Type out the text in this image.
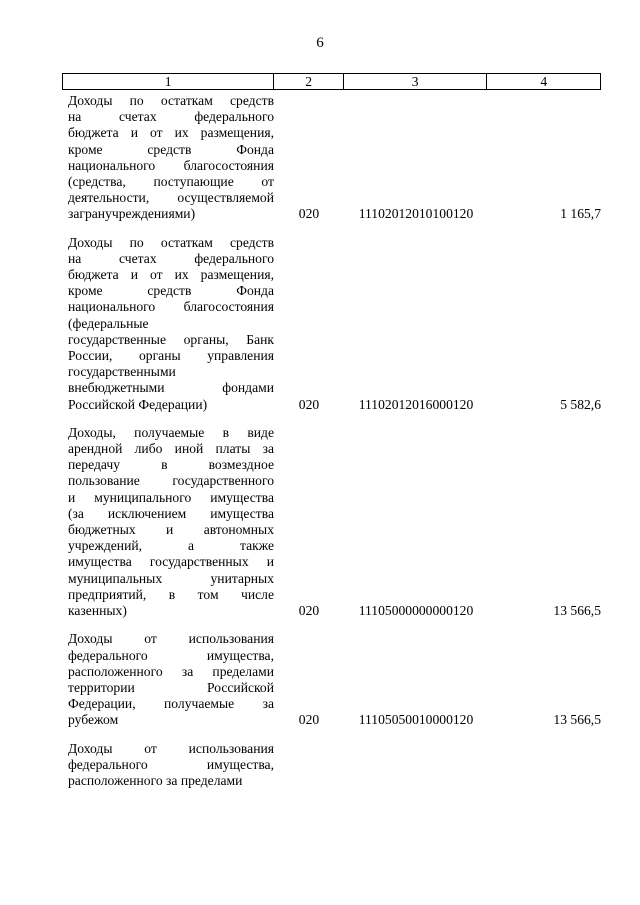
6
1	2	3	4
Доходы по остаткам средств
на счетах федерального
бюджета и от их размещения,
кроме средств Фонда
национального благосостояния
(средства, поступающие от
деятельности, осуществляемой
загранучреждениями)	020	11102012010100120	1 165,7
Доходы по остаткам средств
на счетах федерального
бюджета и от их размещения,
кроме средств Фонда
национального благосостояния
(федеральные
государственные органы, Банк
России, органы управления
государственными
внебюджетными фондами
Российской Федерации)	020	11102012016000120	5 582,6
Доходы, получаемые в виде
арендной либо иной платы за
передачу в возмездное
пользование государственного
и муниципального имущества
(за исключением имущества
бюджетных и автономных
учреждений, а также
имущества государственных и
муниципальных унитарных
предприятий, в том числе
казенных)	020	11105000000000120	13 566,5
Доходы от использования
федерального имущества,
расположенного за пределами
территории Российской
Федерации, получаемые за
рубежом	020	11105050010000120	13 566,5
Доходы от использования
федерального имущества,
расположенного за пределами
